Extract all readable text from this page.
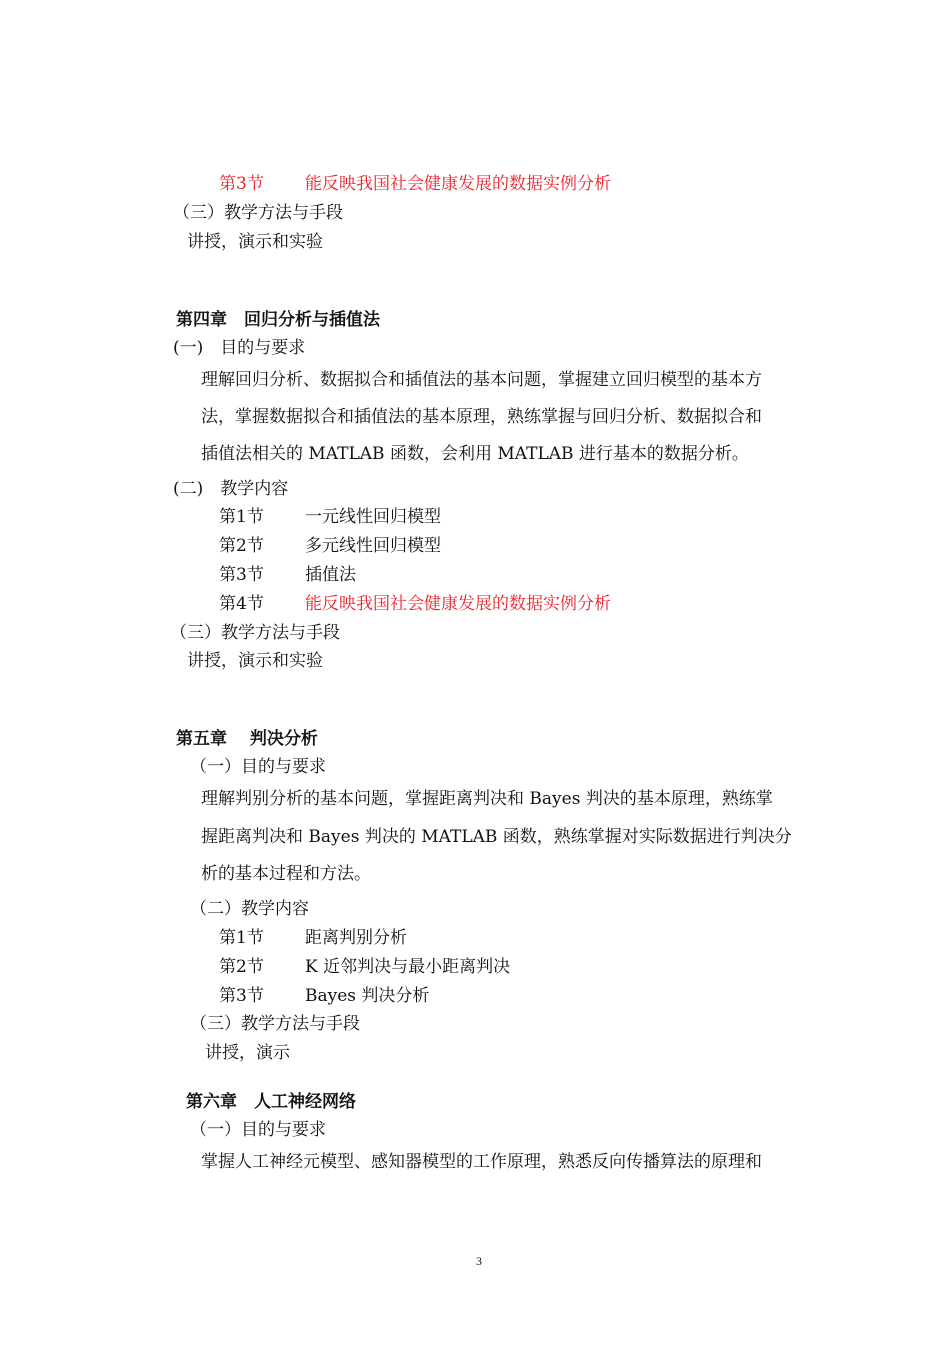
第3节 能反映我国社会健康发展的数据实例分析
（三）教学方法与手段
讲授，演示和实验
第四章　回归分析与插值法
(一)　目的与要求
理解回归分析、数据拟合和插值法的基本问题，掌握建立回归模型的基本方
法，掌握数据拟合和插值法的基本原理，熟练掌握与回归分析、数据拟合和
插值法相关的 MATLAB 函数，会利用 MATLAB 进行基本的数据分析。
(二)　教学内容
第1节 一元线性回归模型
第2节 多元线性回归模型
第3节 插值法
第4节 能反映我国社会健康发展的数据实例分析
（三）教学方法与手段
讲授，演示和实验
第五章　 判决分析
（一）目的与要求
理解判别分析的基本问题，掌握距离判决和 Bayes 判决的基本原理，熟练掌
握距离判决和 Bayes 判决的 MATLAB 函数，熟练掌握对实际数据进行判决分
析的基本过程和方法。
（二）教学内容
第1节 距离判别分析
第2节 K 近邻判决与最小距离判决
第3节 Bayes 判决分析
（三）教学方法与手段
讲授，演示
第六章　人工神经网络
（一）目的与要求
掌握人工神经元模型、感知器模型的工作原理，熟悉反向传播算法的原理和
3
